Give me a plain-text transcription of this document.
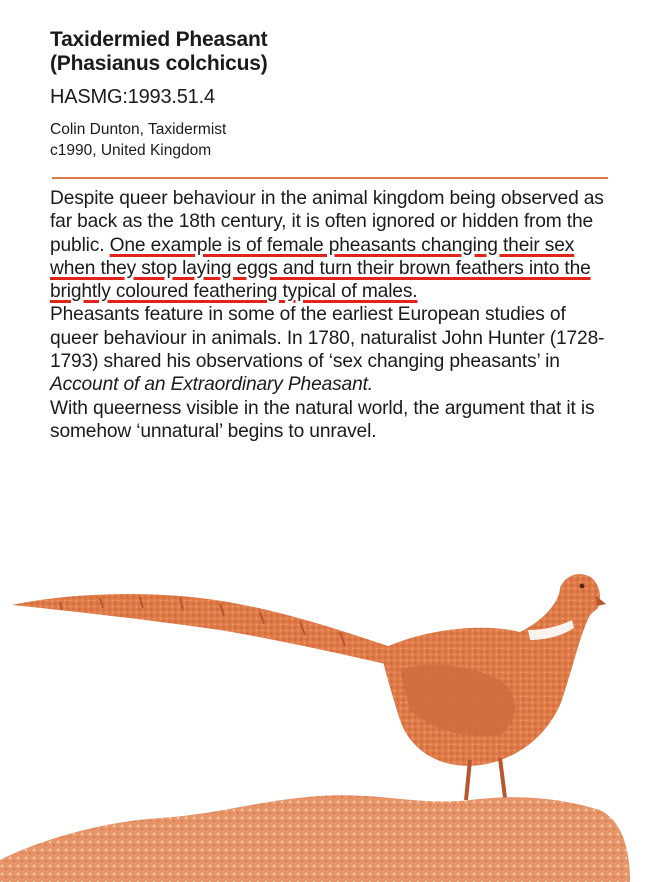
Taxidermied Pheasant
(Phasianus colchicus)
HASMG:1993.51.4
Colin Dunton, Taxidermist
c1990, United Kingdom

Despite queer behaviour in the animal kingdom being observed as far back as the 18th century, it is often ignored or hidden from the public. One example is of female pheasants changing their sex when they stop laying eggs and turn their brown feathers into the brightly coloured feathering typical of males.

Pheasants feature in some of the earliest European studies of queer behaviour in animals. In 1780, naturalist John Hunter (1728-1793) shared his observations of ‘sex changing pheasants’ in Account of an Extraordinary Pheasant.

With queerness visible in the natural world, the argument that it is somehow ‘unnatural’ begins to unravel.
